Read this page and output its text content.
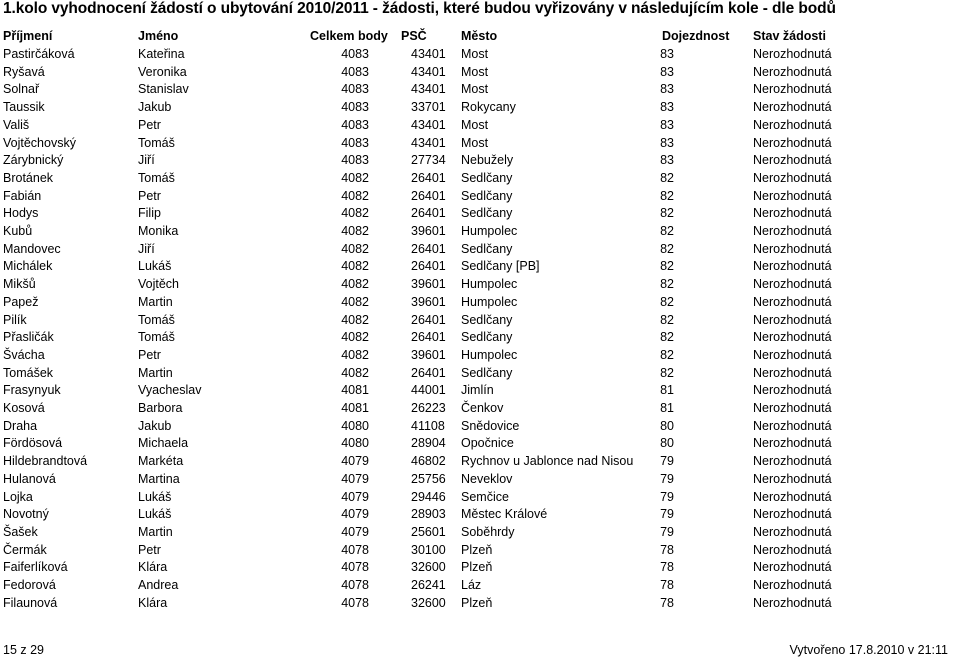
1.kolo vyhodnocení žádostí o ubytování 2010/2011 - žádosti, které budou vyřizovány v následujícím kole - dle bodů
Příjmení	Jméno	Celkem body PSČ	Město	Dojezdnost Stav žádosti
Pastirčáková	Kateřina	4083	43401 Most	83	Nerozhodnutá
Ryšavá	Veronika	4083	43401 Most	83	Nerozhodnutá
Solnař	Stanislav	4083	43401 Most	83	Nerozhodnutá
Taussik	Jakub	4083	33701 Rokycany	83	Nerozhodnutá
Vališ	Petr	4083	43401 Most	83	Nerozhodnutá
Vojtěchovský	Tomáš	4083	43401 Most	83	Nerozhodnutá
Zárybnický	Jiří	4083	27734 Nebužely	83	Nerozhodnutá
Brotánek	Tomáš	4082	26401 Sedlčany	82	Nerozhodnutá
Fabián	Petr	4082	26401 Sedlčany	82	Nerozhodnutá
Hodys	Filip	4082	26401 Sedlčany	82	Nerozhodnutá
Kubů	Monika	4082	39601 Humpolec	82	Nerozhodnutá
Mandovec	Jiří	4082	26401 Sedlčany	82	Nerozhodnutá
Michálek	Lukáš	4082	26401 Sedlčany [PB]	82	Nerozhodnutá
Mikšů	Vojtěch	4082	39601 Humpolec	82	Nerozhodnutá
Papež	Martin	4082	39601 Humpolec	82	Nerozhodnutá
Pilík	Tomáš	4082	26401 Sedlčany	82	Nerozhodnutá
Přasličák	Tomáš	4082	26401 Sedlčany	82	Nerozhodnutá
Švácha	Petr	4082	39601 Humpolec	82	Nerozhodnutá
Tomášek	Martin	4082	26401 Sedlčany	82	Nerozhodnutá
Frasynyuk	Vyacheslav	4081	44001 Jimlín	81	Nerozhodnutá
Kosová	Barbora	4081	26223 Čenkov	81	Nerozhodnutá
Draha	Jakub	4080	41108 Snědovice	80	Nerozhodnutá
Fördösová	Michaela	4080	28904 Opočnice	80	Nerozhodnutá
Hildebrandtová	Markéta	4079	46802 Rychnov u Jablonce nad Nisou 79	Nerozhodnutá
Hulanová	Martina	4079	25756 Neveklov	79	Nerozhodnutá
Lojka	Lukáš	4079	29446 Semčice	79	Nerozhodnutá
Novotný	Lukáš	4079	28903 Městec Králové	79	Nerozhodnutá
Šašek	Martin	4079	25601 Soběhrdy	79	Nerozhodnutá
Čermák	Petr	4078	30100 Plzeň	78	Nerozhodnutá
Faiferlíková	Klára	4078	32600 Plzeň	78	Nerozhodnutá
Fedorová	Andrea	4078	26241 Láz	78	Nerozhodnutá
Filaunová	Klára	4078	32600 Plzeň	78	Nerozhodnutá
15 z 29	Vytvořeno 17.8.2010 v 21:11
